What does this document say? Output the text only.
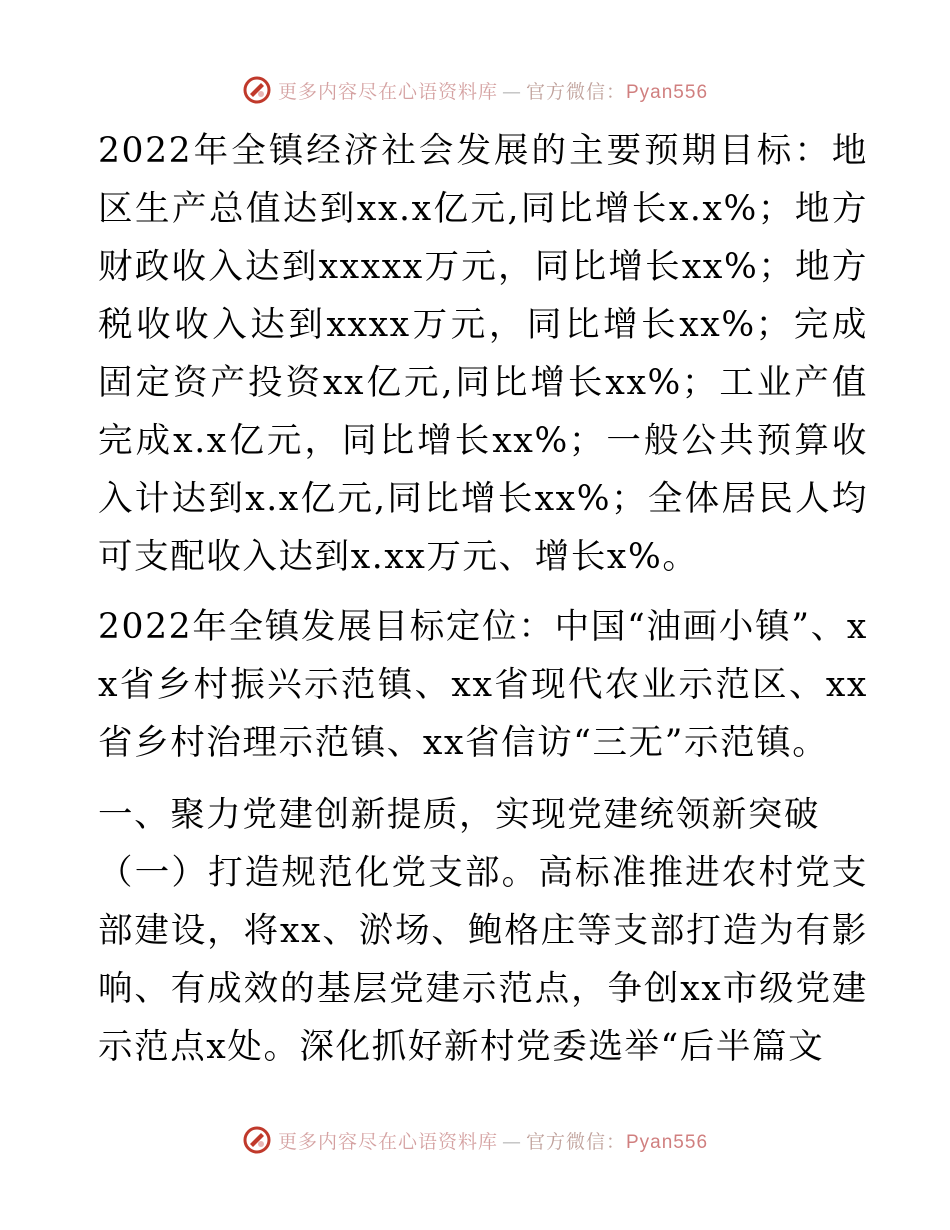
更多内容尽在心语资料库 — 官方微信：Pyan556

2022年全镇经济社会发展的主要预期目标：地区生产总值达到xx.x亿元,同比增长x.x%；地方财政收入达到xxxxx万元，同比增长xx%；地方税收收入达到xxxx万元，同比增长xx%；完成固定资产投资xx亿元,同比增长xx%；工业产值完成x.x亿元，同比增长xx%；一般公共预算收入计达到x.x亿元,同比增长xx%；全体居民人均可支配收入达到x.xx万元、增长x%。

2022年全镇发展目标定位：中国“油画小镇”、xx省乡村振兴示范镇、xx省现代农业示范区、xx省乡村治理示范镇、xx省信访“三无”示范镇。

一、聚力党建创新提质，实现党建统领新突破

（一）打造规范化党支部。高标准推进农村党支部建设，将xx、淤场、鲍格庄等支部打造为有影响、有成效的基层党建示范点，争创xx市级党建示范点x处。深化抓好新村党委选举“后半篇文

更多内容尽在心语资料库 — 官方微信：Pyan556
